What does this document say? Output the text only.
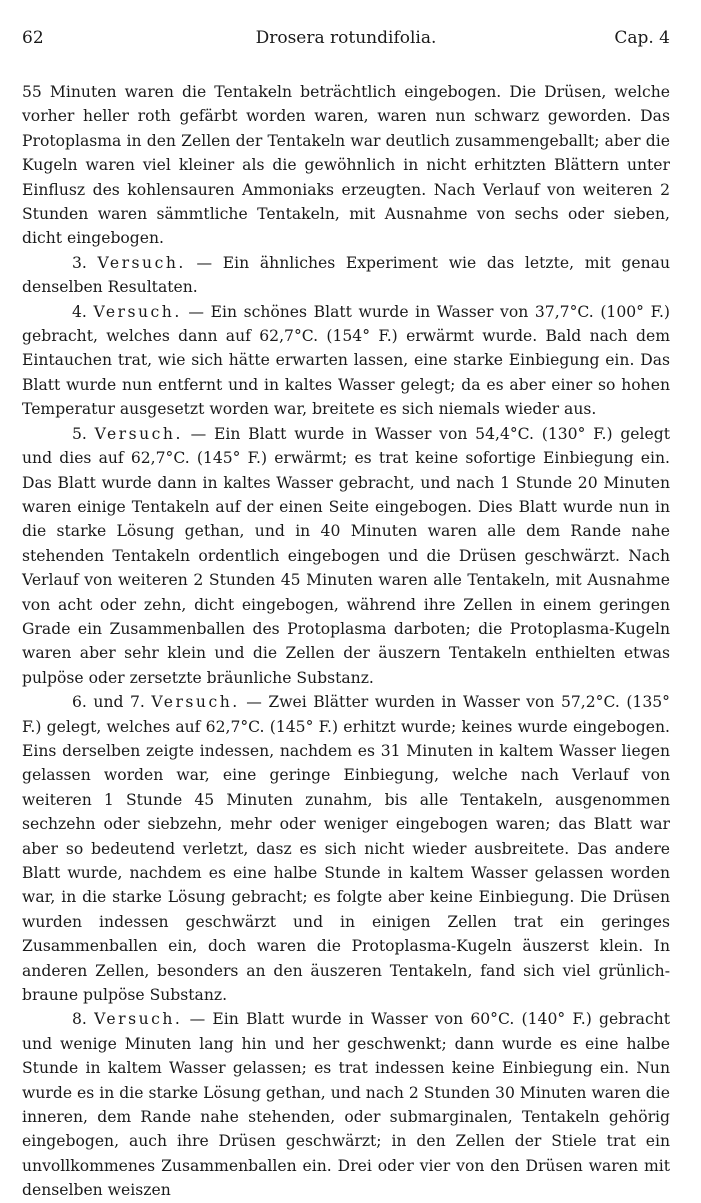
62	Drosera rotundifolia.	Cap. 4

55 Minuten waren die Tentakeln beträchtlich eingebogen. Die Drüsen, welche vorher heller roth gefärbt worden waren, waren nun schwarz geworden. Das Protoplasma in den Zellen der Tentakeln war deutlich zusammengeballt; aber die Kugeln waren viel kleiner als die gewöhnlich in nicht erhitzten Blättern unter Einflusz des kohlensauren Ammoniaks erzeugten. Nach Verlauf von weiteren 2 Stunden waren sämmtliche Tentakeln, mit Ausnahme von sechs oder sieben, dicht eingebogen.

3. Versuch. — Ein ähnliches Experiment wie das letzte, mit genau denselben Resultaten.

4. Versuch. — Ein schönes Blatt wurde in Wasser von 37,7°C. (100° F.) gebracht, welches dann auf 62,7°C. (154° F.) erwärmt wurde. Bald nach dem Eintauchen trat, wie sich hätte erwarten lassen, eine starke Einbiegung ein. Das Blatt wurde nun entfernt und in kaltes Wasser gelegt; da es aber einer so hohen Temperatur ausgesetzt worden war, breitete es sich niemals wieder aus.

5. Versuch. — Ein Blatt wurde in Wasser von 54,4°C. (130° F.) gelegt und dies auf 62,7°C. (145° F.) erwärmt; es trat keine sofortige Einbiegung ein. Das Blatt wurde dann in kaltes Wasser gebracht, und nach 1 Stunde 20 Minuten waren einige Tentakeln auf der einen Seite eingebogen. Dies Blatt wurde nun in die starke Lösung gethan, und in 40 Minuten waren alle dem Rande nahe stehenden Tentakeln ordentlich eingebogen und die Drüsen geschwärzt. Nach Verlauf von weiteren 2 Stunden 45 Minuten waren alle Tentakeln, mit Ausnahme von acht oder zehn, dicht eingebogen, während ihre Zellen in einem geringen Grade ein Zusammenballen des Protoplasma darboten; die Protoplasma-Kugeln waren aber sehr klein und die Zellen der äuszern Tentakeln enthielten etwas pulpöse oder zersetzte bräunliche Substanz.

6. und 7. Versuch. — Zwei Blätter wurden in Wasser von 57,2°C. (135° F.) gelegt, welches auf 62,7°C. (145° F.) erhitzt wurde; keines wurde eingebogen. Eins derselben zeigte indessen, nachdem es 31 Minuten in kaltem Wasser liegen gelassen worden war, eine geringe Einbiegung, welche nach Verlauf von weiteren 1 Stunde 45 Minuten zunahm, bis alle Tentakeln, ausgenommen sechzehn oder siebzehn, mehr oder weniger eingebogen waren; das Blatt war aber so bedeutend verletzt, dasz es sich nicht wieder ausbreitete. Das andere Blatt wurde, nachdem es eine halbe Stunde in kaltem Wasser gelassen worden war, in die starke Lösung gebracht; es folgte aber keine Einbiegung. Die Drüsen wurden indessen geschwärzt und in einigen Zellen trat ein geringes Zusammenballen ein, doch waren die Protoplasma-Kugeln äuszerst klein. In anderen Zellen, besonders an den äuszeren Tentakeln, fand sich viel grünlich-braune pulpöse Substanz.

8. Versuch. — Ein Blatt wurde in Wasser von 60°C. (140° F.) gebracht und wenige Minuten lang hin und her geschwenkt; dann wurde es eine halbe Stunde in kaltem Wasser gelassen; es trat indessen keine Einbiegung ein. Nun wurde es in die starke Lösung gethan, und nach 2 Stunden 30 Minuten waren die inneren, dem Rande nahe stehenden, oder submarginalen, Tentakeln gehörig eingebogen, auch ihre Drüsen geschwärzt; in den Zellen der Stiele trat ein unvollkommenes Zusammenballen ein. Drei oder vier von den Drüsen waren mit denselben weiszen
